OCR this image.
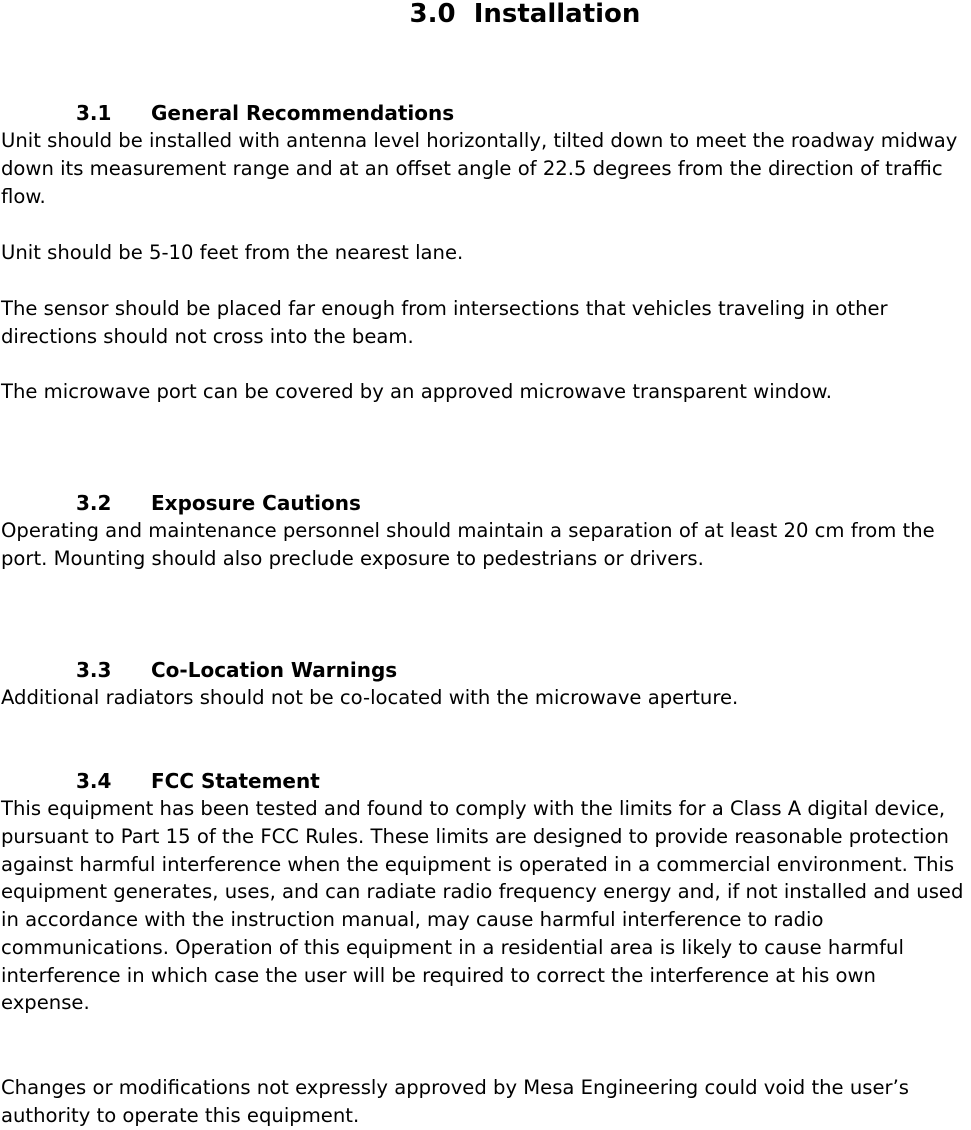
3.0  Installation
3.1 General Recommendations

Unit should be installed with antenna level horizontally, tilted down to meet the roadway midway down its measurement range and at an offset angle of 22.5 degrees from the direction of traffic flow.

Unit should be 5-10 feet from the nearest lane.

The sensor should be placed far enough from intersections that vehicles traveling in other directions should not cross into the beam.

The microwave port can be covered by an approved microwave transparent window.

3.2 Exposure Cautions

Operating and maintenance personnel should maintain a separation of at least 20 cm from the port. Mounting should also preclude exposure to pedestrians or drivers.

3.3 Co-Location Warnings

Additional radiators should not be co-located with the microwave aperture.

3.4 FCC Statement

This equipment has been tested and found to comply with the limits for a Class A digital device, pursuant to Part 15 of the FCC Rules. These limits are designed to provide reasonable protection against harmful interference when the equipment is operated in a commercial environment. This equipment generates, uses, and can radiate radio frequency energy and, if not installed and used in accordance with the instruction manual, may cause harmful interference to radio communications. Operation of this equipment in a residential area is likely to cause harmful interference in which case the user will be required to correct the interference at his own expense.

Changes or modifications not expressly approved by Mesa Engineering could void the user’s authority to operate this equipment.
